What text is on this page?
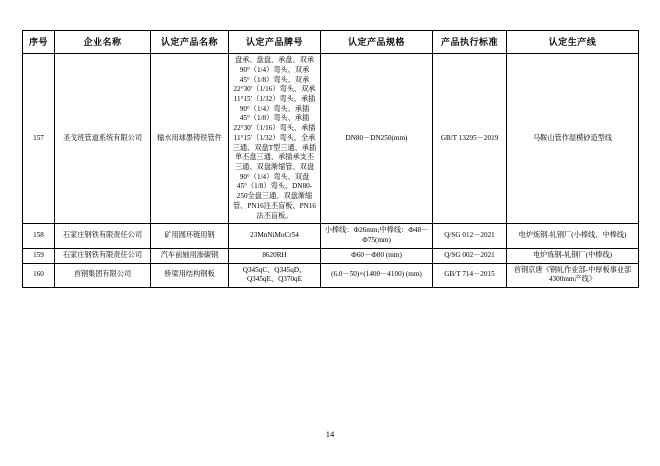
序号	企业名称	认定产品名称	认定产品牌号	认定产品规格	产品执行标准	认定生产线
157	圣戈班管道系统有限公司	输水用球墨铸铁管件	盘承、盘盘、承盘、双承90°（1/4）弯头、双承45°（1/8）弯头、双承22°30′（1/16）弯头、双承11°15′（1/32）弯头、承插90°（1/4）弯头、承插45°（1/8）弯头、承插22°30′（1/16）弯头、承插11°15′（1/32）弯头、全承三通、双盘T型三通、承插单丕盘三通、承插承支丕三通、双盘渐缩管、双盘90°（1/4）弯头、双盘45°（1/8）弯头、DN80-250全盘三通、双盘渐缩管、PN16注丕盲板、PN16法丕盲板。	DN80－DN250(mm)	GB/T 13295－2019	马鞍山管作湿模砂造型线
158	石家庄钢铁有限责任公司	矿用圆环链用钢	23MnNiMoCr54	小棒线：Ф26mm;中棒线：Ф48－Ф75(mm)	Q/SG 012－2021	电炉炼钢-轧钢厂(小棒线、中棒线)
159	石家庄钢铁有限责任公司	汽车前轴用渗碳钢	8620RH	Ф60－Ф80 (mm)	Q/SG 002－2021	电炉炼钢-轧钢厂(中棒线)
160	首钢集团有限公司	桥梁用结构钢板	Q345qC、Q345qD、Q345qE、Q370qE	(6.0－50)×(1400－4100) (mm)	GB/T 714－2015	首钢京唐《钢轧作业部-中厚板事业部4300mm产线》
14
